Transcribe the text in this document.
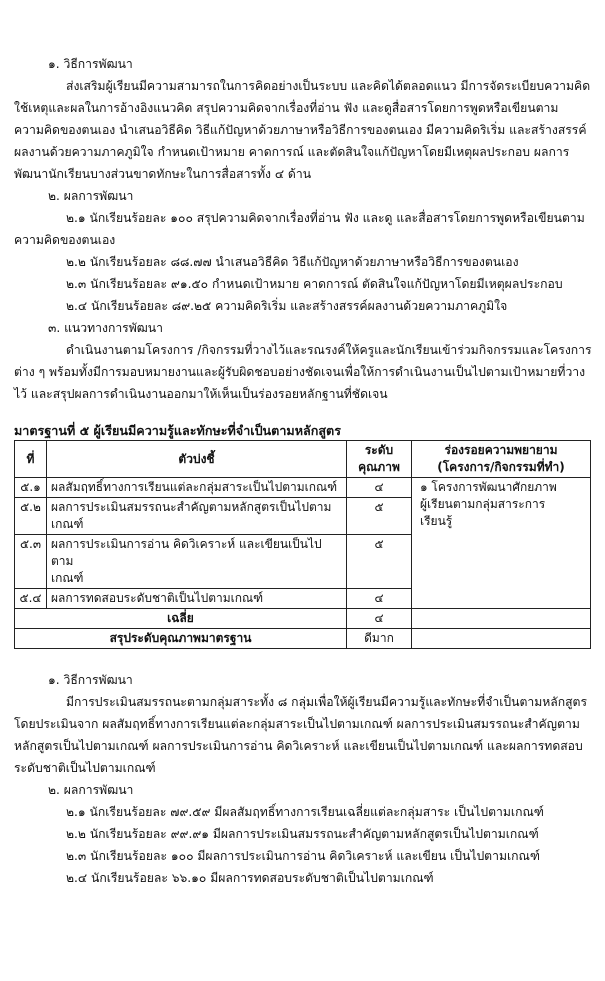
๑. วิธีการพัฒนา
ส่งเสริมผู้เรียนมีความสามารถในการคิดอย่างเป็นระบบ และคิดได้ตลอดแนว มีการจัดระเบียบความคิด
ใช้เหตุและผลในการอ้างอิงแนวคิด สรุปความคิดจากเรื่องที่อ่าน ฟัง และดูสื่อสารโดยการพูดหรือเขียนตาม
ความคิดของตนเอง นำเสนอวิธีคิด วิธีแก้ปัญหาด้วยภาษาหรือวิธีการของตนเอง มีความคิดริเริ่ม และสร้างสรรค์
ผลงานด้วยความภาคภูมิใจ กำหนดเป้าหมาย คาดการณ์ และตัดสินใจแก้ปัญหาโดยมีเหตุผลประกอบ ผลการ
พัฒนานักเรียนบางส่วนขาดทักษะในการสื่อสารทั้ง ๔ ด้าน
๒. ผลการพัฒนา
๒.๑ นักเรียนร้อยละ ๑๐๐ สรุปความคิดจากเรื่องที่อ่าน ฟัง และดู และสื่อสารโดยการพูดหรือเขียนตาม
ความคิดของตนเอง
๒.๒ นักเรียนร้อยละ ๘๘.๗๗ นำเสนอวิธีคิด วิธีแก้ปัญหาด้วยภาษาหรือวิธีการของตนเอง
๒.๓ นักเรียนร้อยละ ๙๑.๕๐ กำหนดเป้าหมาย คาดการณ์ ตัดสินใจแก้ปัญหาโดยมีเหตุผลประกอบ
๒.๔ นักเรียนร้อยละ ๘๙.๒๕ ความคิดริเริ่ม และสร้างสรรค์ผลงานด้วยความภาคภูมิใจ
๓. แนวทางการพัฒนา
ดำเนินงานตามโครงการ /กิจกรรมที่วางไว้และรณรงค์ให้ครูและนักเรียนเข้าร่วมกิจกรรมและโครงการ
ต่าง ๆ พร้อมทั้งมีการมอบหมายงานและผู้รับผิดชอบอย่างชัดเจนเพื่อให้การดำเนินงานเป็นไปตามเป้าหมายที่วาง
ไว้ และสรุปผลการดำเนินงานออกมาให้เห็นเป็นร่องรอยหลักฐานที่ชัดเจน
มาตรฐานที่ ๕ ผู้เรียนมีความรู้และทักษะที่จำเป็นตามหลักสูตร
ที่	ตัวบ่งชี้	ระดับ
คุณภาพ	ร่องรอยความพยายาม
(โครงการ/กิจกรรมที่ทำ)
๕.๑	ผลสัมฤทธิ์ทางการเรียนแต่ละกลุ่มสาระเป็นไปตามเกณฑ์	๔	๑ โครงการพัฒนาศักยภาพ
ผู้เรียนตามกลุ่มสาระการ
เรียนรู้

๕.๒	ผลการประเมินสมรรถนะสำคัญตามหลักสูตรเป็นไปตามเกณฑ์	๕	
๕.๓	ผลการประเมินการอ่าน คิดวิเคราะห์ และเขียนเป็นไปตาม
เกณฑ์	๕	
๕.๔	ผลการทดสอบระดับชาติเป็นไปตามเกณฑ์	๔	
เฉลี่ย		๔	
สรุประดับคุณภาพมาตรฐาน		ดีมาก	
๑. วิธีการพัฒนา
มีการประเมินสมรรถนะตามกลุ่มสาระทั้ง ๘ กลุ่มเพื่อให้ผู้เรียนมีความรู้และทักษะที่จำเป็นตามหลักสูตร
โดยประเมินจาก ผลสัมฤทธิ์ทางการเรียนแต่ละกลุ่มสาระเป็นไปตามเกณฑ์ ผลการประเมินสมรรถนะสำคัญตาม
หลักสูตรเป็นไปตามเกณฑ์ ผลการประเมินการอ่าน คิดวิเคราะห์ และเขียนเป็นไปตามเกณฑ์ และผลการทดสอบ
ระดับชาติเป็นไปตามเกณฑ์
๒. ผลการพัฒนา
๒.๑ นักเรียนร้อยละ ๗๙.๕๙ มีผลสัมฤทธิ์ทางการเรียนเฉลี่ยแต่ละกลุ่มสาระ เป็นไปตามเกณฑ์
๒.๒ นักเรียนร้อยละ ๙๙.๙๑ มีผลการประเมินสมรรถนะสำคัญตามหลักสูตรเป็นไปตามเกณฑ์
๒.๓ นักเรียนร้อยละ ๑๐๐ มีผลการประเมินการอ่าน คิดวิเคราะห์ และเขียน เป็นไปตามเกณฑ์
๒.๔ นักเรียนร้อยละ ๖๖.๑๐ มีผลการทดสอบระดับชาติเป็นไปตามเกณฑ์
